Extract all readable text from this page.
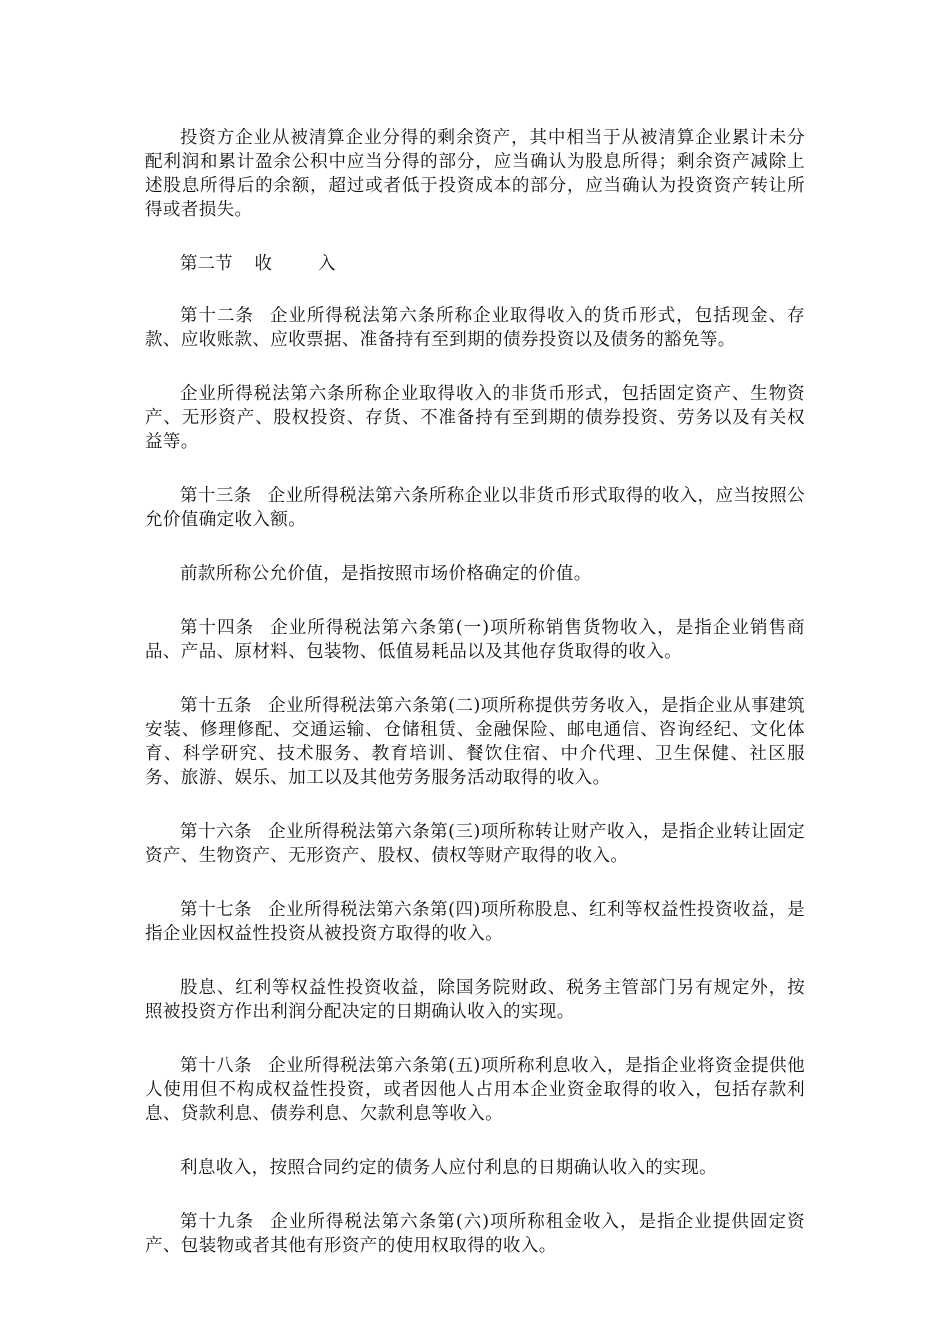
投资方企业从被清算企业分得的剩余资产，其中相当于从被清算企业累计未分配利润和累计盈余公积中应当分得的部分，应当确认为股息所得；剩余资产减除上述股息所得后的余额，超过或者低于投资成本的部分，应当确认为投资资产转让所得或者损失。

第二节 收入

第十二条 企业所得税法第六条所称企业取得收入的货币形式，包括现金、存款、应收账款、应收票据、准备持有至到期的债券投资以及债务的豁免等。

企业所得税法第六条所称企业取得收入的非货币形式，包括固定资产、生物资产、无形资产、股权投资、存货、不准备持有至到期的债券投资、劳务以及有关权益等。

第十三条 企业所得税法第六条所称企业以非货币形式取得的收入，应当按照公允价值确定收入额。

前款所称公允价值，是指按照市场价格确定的价值。

第十四条 企业所得税法第六条第(一)项所称销售货物收入，是指企业销售商品、产品、原材料、包装物、低值易耗品以及其他存货取得的收入。

第十五条 企业所得税法第六条第(二)项所称提供劳务收入，是指企业从事建筑安装、修理修配、交通运输、仓储租赁、金融保险、邮电通信、咨询经纪、文化体育、科学研究、技术服务、教育培训、餐饮住宿、中介代理、卫生保健、社区服务、旅游、娱乐、加工以及其他劳务服务活动取得的收入。

第十六条 企业所得税法第六条第(三)项所称转让财产收入，是指企业转让固定资产、生物资产、无形资产、股权、债权等财产取得的收入。

第十七条 企业所得税法第六条第(四)项所称股息、红利等权益性投资收益，是指企业因权益性投资从被投资方取得的收入。

股息、红利等权益性投资收益，除国务院财政、税务主管部门另有规定外，按照被投资方作出利润分配决定的日期确认收入的实现。

第十八条 企业所得税法第六条第(五)项所称利息收入，是指企业将资金提供他人使用但不构成权益性投资，或者因他人占用本企业资金取得的收入，包括存款利息、贷款利息、债券利息、欠款利息等收入。

利息收入，按照合同约定的债务人应付利息的日期确认收入的实现。

第十九条 企业所得税法第六条第(六)项所称租金收入，是指企业提供固定资产、包装物或者其他有形资产的使用权取得的收入。
